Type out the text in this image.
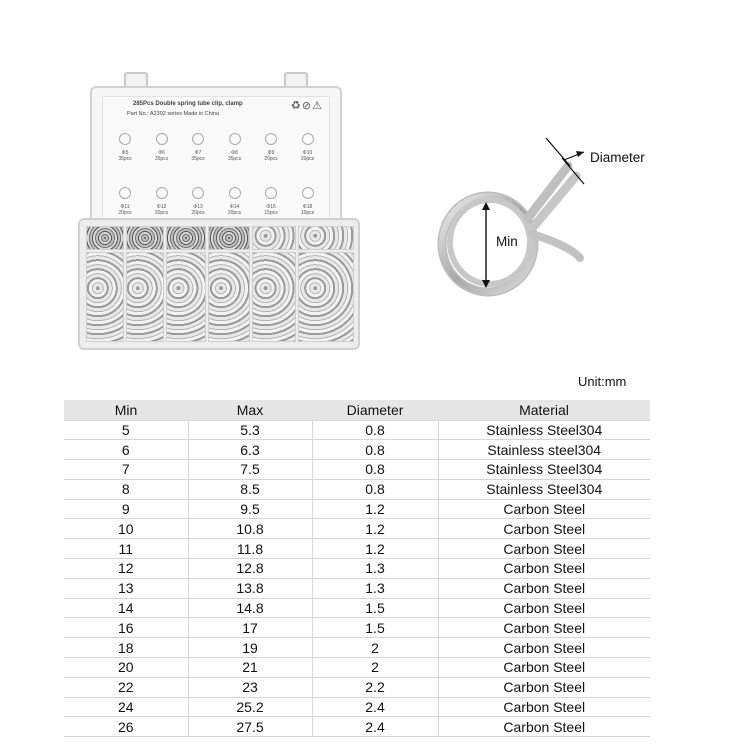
285Pcs Double spring tube clip, clamp
Part No.: A2392 series Made in China
♻⊘⚠
Φ5
35pcs
Φ6
35pcs
Φ7
35pcs
Φ8
35pcs
Φ9
20pcs
Φ10
20pcs
Φ11
20pcs
Φ12
20pcs
Φ13
20pcs
Φ14
20pcs
Φ16
15pcs
Φ18
10pcs
Diameter
Min
Unit:mm
Min	Max	Diameter	Material
5	5.3	0.8	Stainless Steel304
6	6.3	0.8	Stainless steel304
7	7.5	0.8	Stainless Steel304
8	8.5	0.8	Stainless Steel304
9	9.5	1.2	Carbon Steel
10	10.8	1.2	Carbon Steel
11	11.8	1.2	Carbon Steel
12	12.8	1.3	Carbon Steel
13	13.8	1.3	Carbon Steel
14	14.8	1.5	Carbon Steel
16	17	1.5	Carbon Steel
18	19	2	Carbon Steel
20	21	2	Carbon Steel
22	23	2.2	Carbon Steel
24	25.2	2.4	Carbon Steel
26	27.5	2.4	Carbon Steel
